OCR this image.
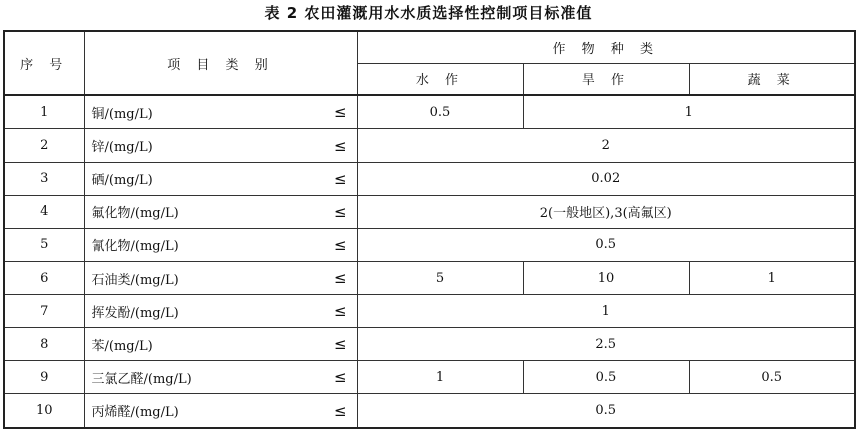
表 2 农田灌溉用水水质选择性控制项目标准值
序 号	项 目 类 别		作 物 种 类		
			水 作	旱 作	蔬 菜
1	铜/(mg/L)	≤	0.5	1	
2	锌/(mg/L)	≤	2		
3	硒/(mg/L)	≤	0.02		
4	氟化物/(mg/L)	≤	2(一般地区),3(高氟区)		
5	氰化物/(mg/L)	≤	0.5		
6	石油类/(mg/L)	≤	5	10	1
7	挥发酚/(mg/L)	≤	1		
8	苯/(mg/L)	≤	2.5		
9	三氯乙醛/(mg/L)	≤	1	0.5	0.5
10	丙烯醛/(mg/L)	≤	0.5		
